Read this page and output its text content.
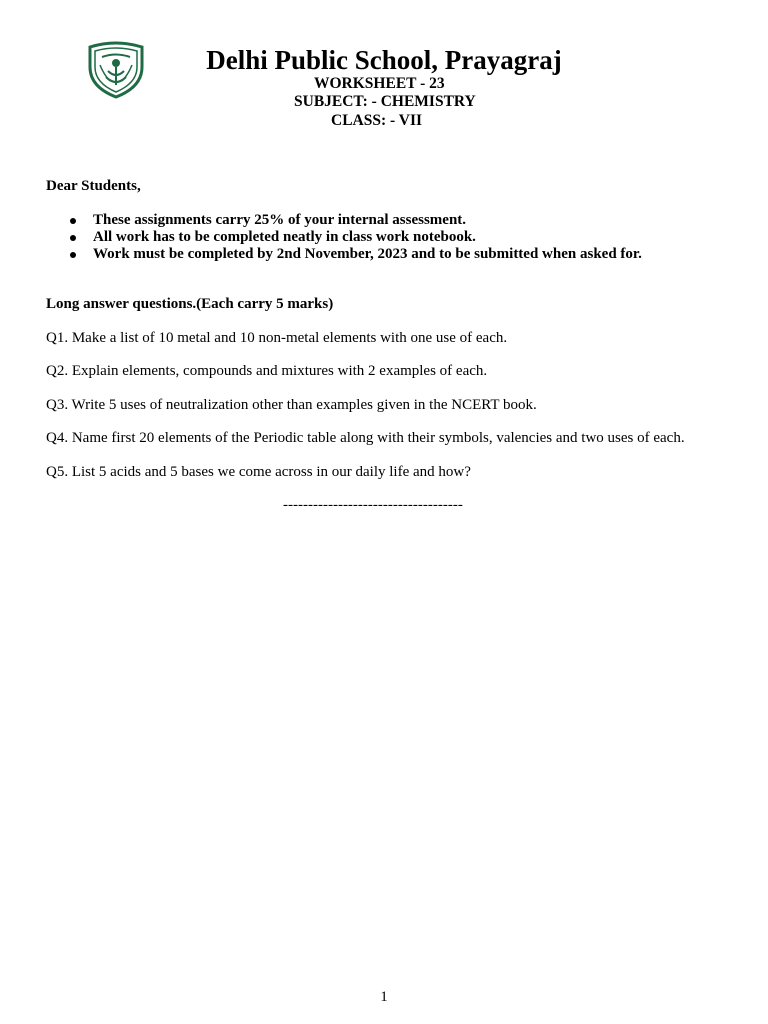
Delhi Public School, Prayagraj
WORKSHEET - 23
SUBJECT: - CHEMISTRY
CLASS: - VII
Dear Students,
These assignments carry 25% of your internal assessment.
All work has to be completed neatly in class work notebook.
Work must be completed by 2nd November, 2023 and to be submitted when asked for.
Long answer questions.(Each carry 5 marks)
Q1. Make a list of 10 metal and 10 non-metal elements with one use of each.
Q2. Explain elements, compounds and mixtures with 2 examples of each.
Q3. Write 5 uses of neutralization other than examples given in the NCERT book.
Q4. Name first 20 elements of the Periodic table along with their symbols, valencies and two uses of each.
Q5. List 5 acids and 5 bases we come across in our daily life and how?
------------------------------------
1
